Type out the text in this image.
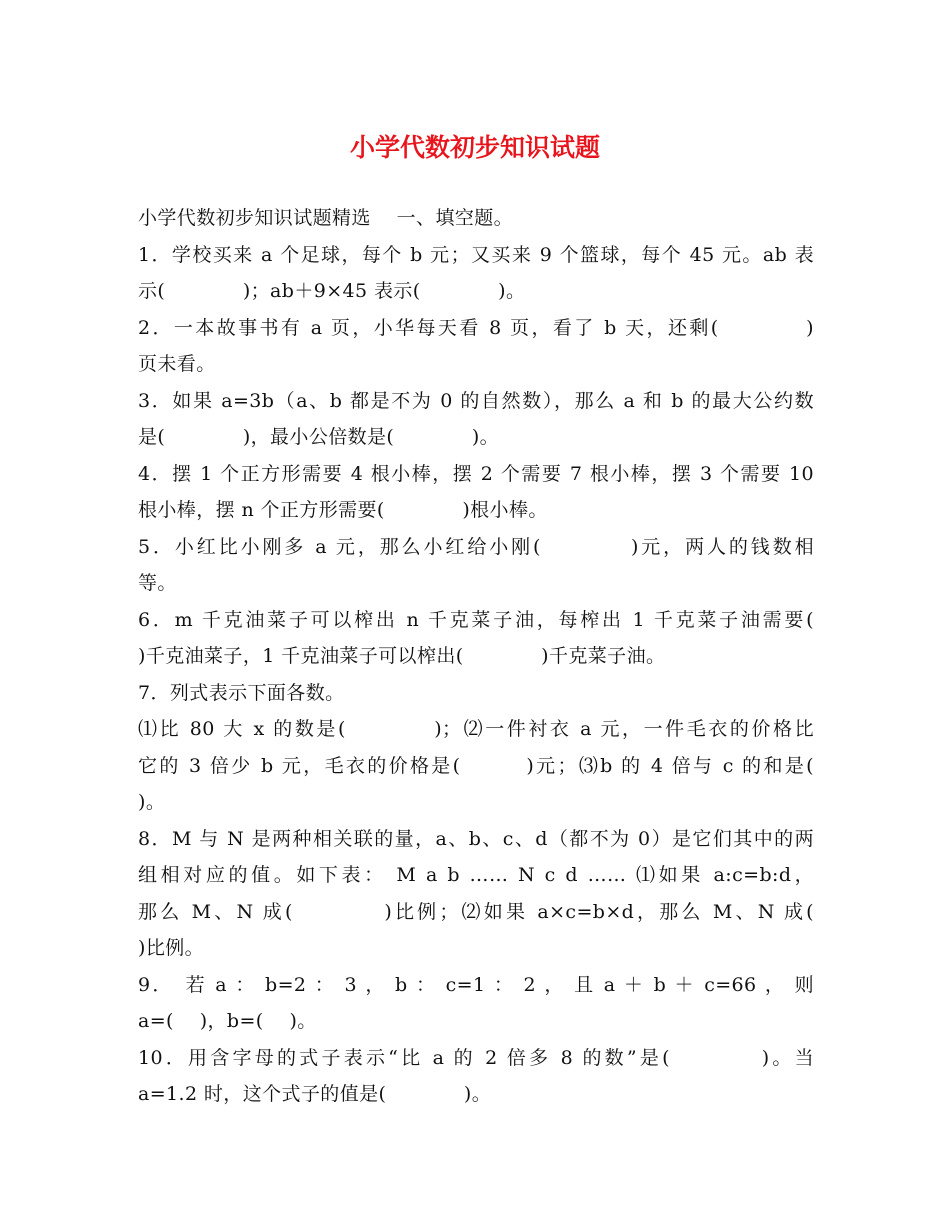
小学代数初步知识试题
小学代数初步知识试题精选　 一、填空题。
1．学校买来 a 个足球，每个 b 元；又买来 9 个篮球，每个 45 元。ab 表
示(　　　　)；ab＋9×45 表示(　　　　)。
2．一本故事书有 a 页，小华每天看 8 页，看了 b 天，还剩(　　　　)
页未看。
3．如果 a=3b（a、b 都是不为 0 的自然数），那么 a 和 b 的最大公约数
是(　　　　)，最小公倍数是(　　　　)。
4．摆 1 个正方形需要 4 根小棒，摆 2 个需要 7 根小棒，摆 3 个需要 10
根小棒，摆 n 个正方形需要(　　　　)根小棒。
5．小红比小刚多 a 元，那么小红给小刚(　　　　)元，两人的钱数相
等。
6．m 千克油菜子可以榨出 n 千克菜子油，每榨出 1 千克菜子油需要(
)千克油菜子，1 千克油菜子可以榨出(　　　　)千克菜子油。
7．列式表示下面各数。
⑴比 80 大 x 的数是(　　　　)；⑵一件衬衣 a 元，一件毛衣的价格比
它的 3 倍少 b 元，毛衣的价格是(　　　)元；⑶b 的 4 倍与 c 的和是(
)。
8．M 与 N 是两种相关联的量，a、b、c、d（都不为 0）是它们其中的两
组相对应的值。如下表： M a b …… N c d …… ⑴如果 a:c=b:d，
那么 M、N 成(　　　　)比例；⑵如果 a×c=b×d，那么 M、N 成(
)比例。
9．　若 a ： b=2 ： 3 ， b ： c=1 ： 2 ， 且 a ＋ b ＋ c=66 ， 则
a=(　 )，b=(　 )。
10．用含字母的式子表示“比 a 的 2 倍多 8 的数”是(　　　　)。当
a=1.2 时，这个式子的值是(　　　　)。
